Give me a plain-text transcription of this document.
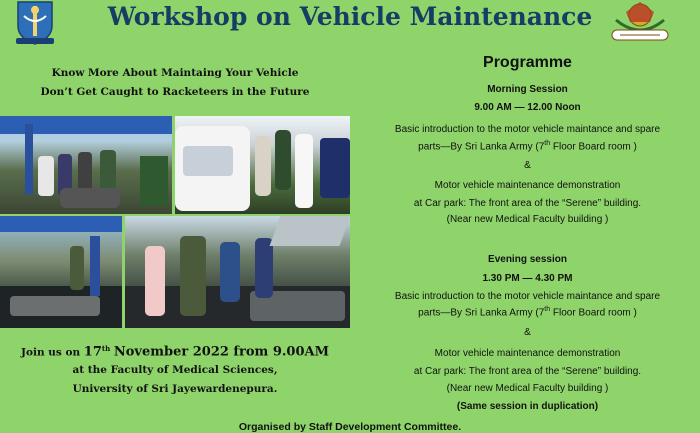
Workshop on Vehicle Maintenance
Know More About Maintaing Your Vehicle
Don’t Get Caught to Racketeers in the Future
Join us on 17th November 2022 from 9.00AM
at the Faculty of Medical Sciences,
University of Sri Jayewardenepura.
Programme
Morning Session
9.00 AM — 12.00 Noon
Basic introduction to the motor vehicle maintance and spare
parts—By Sri Lanka Army (7th Floor Board room )
&
Motor vehicle maintenance demonstration
at Car park: The front area of the “Serene” building.
(Near new Medical Faculty building )
Evening session
1.30 PM — 4.30 PM
Basic introduction to the motor vehicle maintance and spare
parts—By Sri Lanka Army (7th Floor Board room )
&
Motor vehicle maintenance demonstration
at Car park: The front area of the “Serene” building.
(Near new Medical Faculty building )
(Same session in duplication)
Organised by Staff Development Committee.
